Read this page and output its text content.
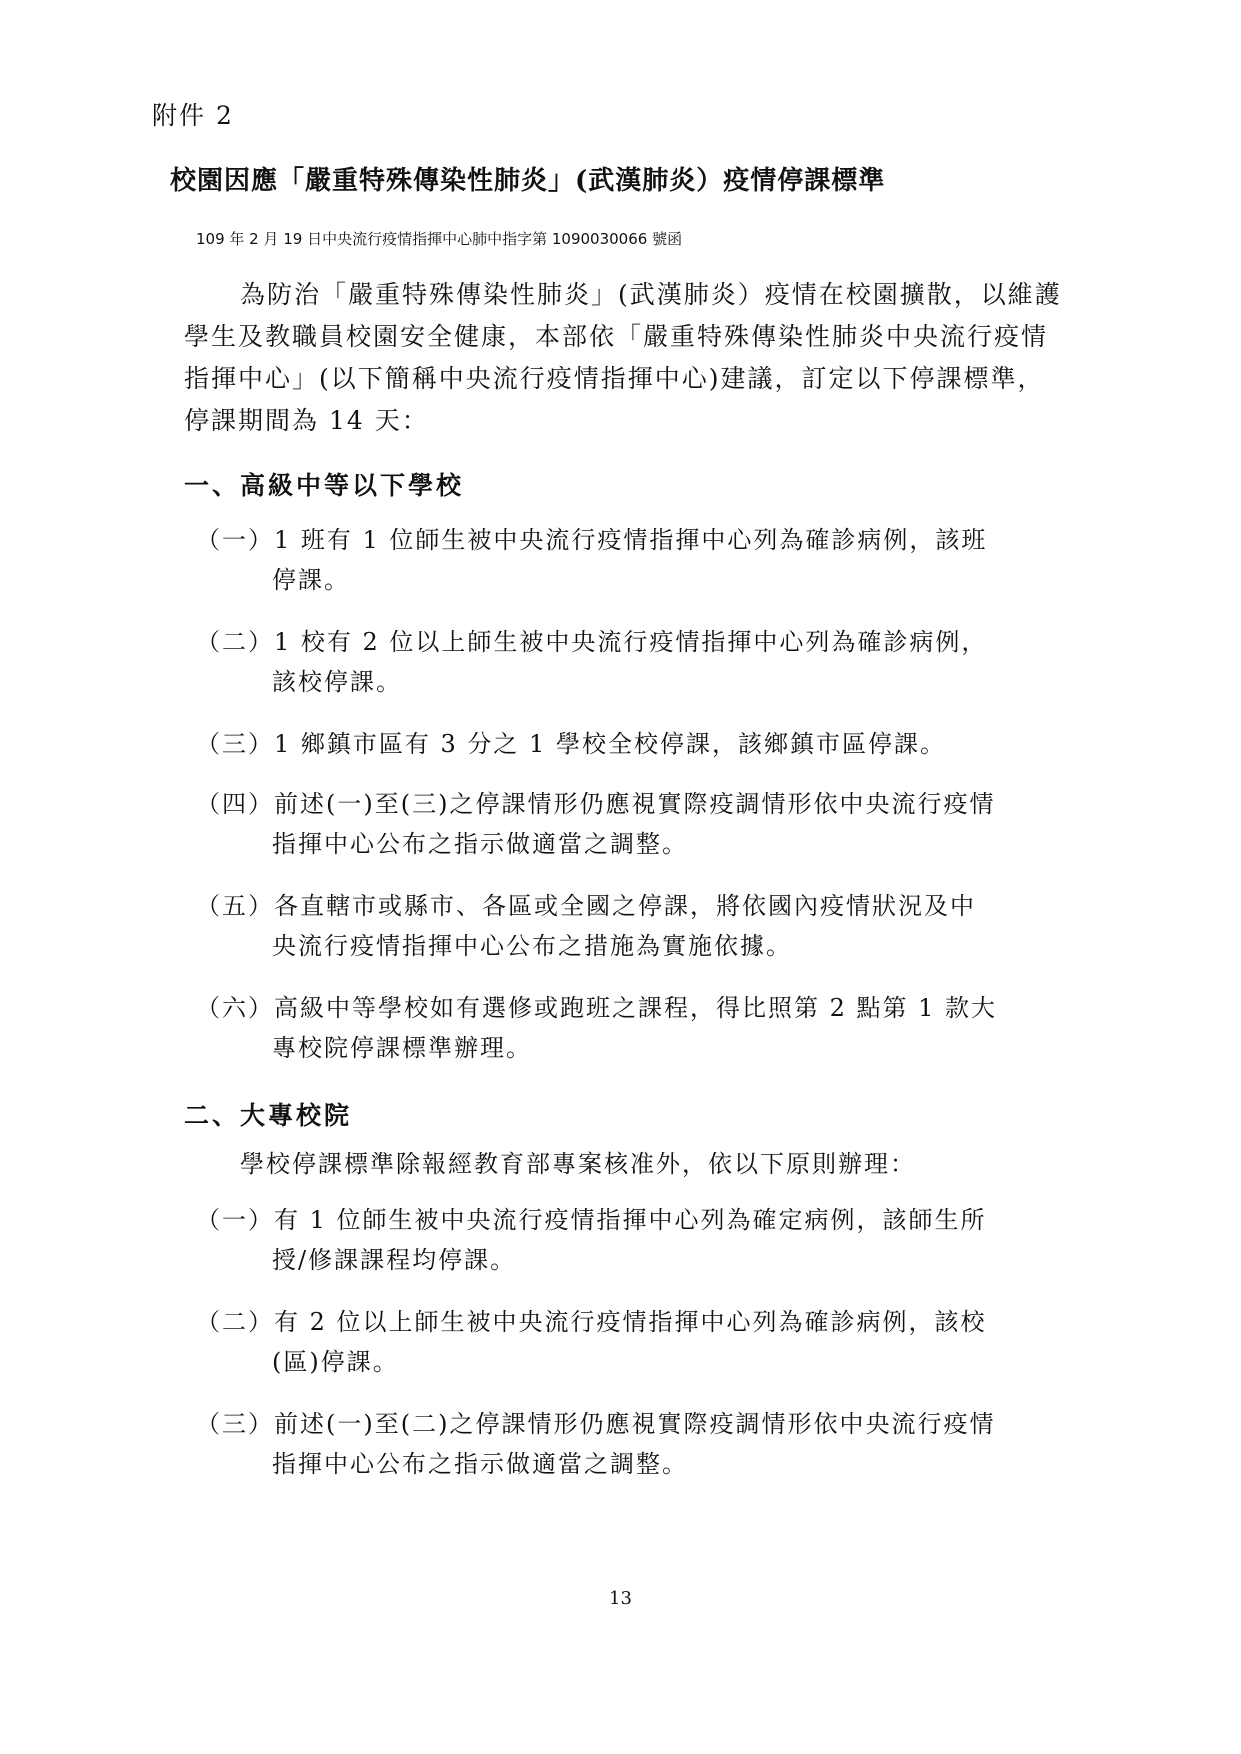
附件 2
校園因應「嚴重特殊傳染性肺炎」(武漢肺炎）疫情停課標準
109 年 2 月 19 日中央流行疫情指揮中心肺中指字第 1090030066 號函
為防治「嚴重特殊傳染性肺炎」(武漢肺炎）疫情在校園擴散，以維護學生及教職員校園安全健康，本部依「嚴重特殊傳染性肺炎中央流行疫情指揮中心」(以下簡稱中央流行疫情指揮中心)建議，訂定以下停課標準，停課期間為 14 天：
一、高級中等以下學校
（一）1 班有 1 位師生被中央流行疫情指揮中心列為確診病例，該班
停課。
（二）1 校有 2 位以上師生被中央流行疫情指揮中心列為確診病例，
該校停課。
（三）1 鄉鎮市區有 3 分之 1 學校全校停課，該鄉鎮市區停課。
（四）前述(一)至(三)之停課情形仍應視實際疫調情形依中央流行疫情
指揮中心公布之指示做適當之調整。
（五）各直轄市或縣市、各區或全國之停課，將依國內疫情狀況及中
央流行疫情指揮中心公布之措施為實施依據。
（六）高級中等學校如有選修或跑班之課程，得比照第 2 點第 1 款大
專校院停課標準辦理。
二、大專校院
學校停課標準除報經教育部專案核准外，依以下原則辦理：
（一）有 1 位師生被中央流行疫情指揮中心列為確定病例，該師生所
授/修課課程均停課。
（二）有 2 位以上師生被中央流行疫情指揮中心列為確診病例，該校
(區)停課。
（三）前述(一)至(二)之停課情形仍應視實際疫調情形依中央流行疫情
指揮中心公布之指示做適當之調整。
13
